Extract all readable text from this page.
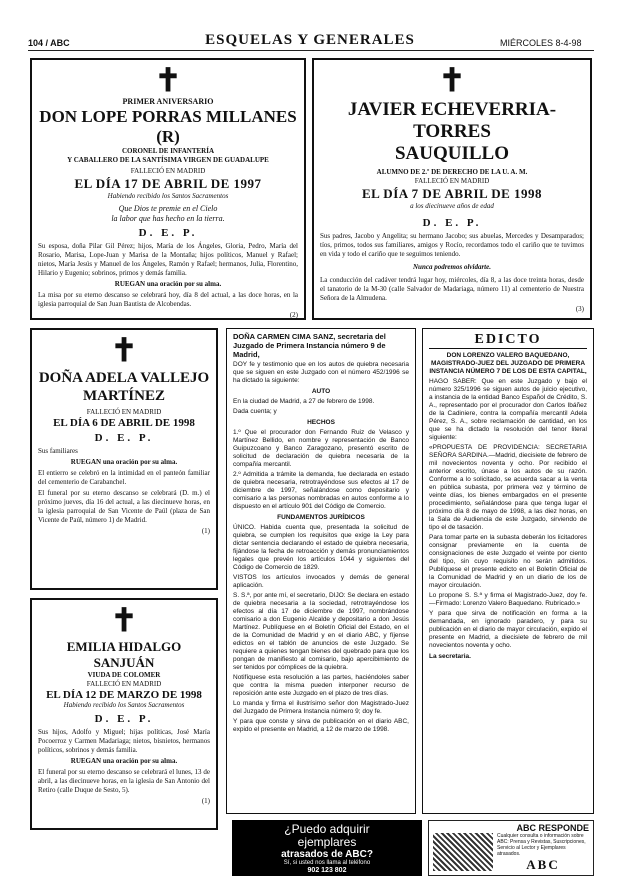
104 / ABC	ESQUELAS Y GENERALES	MIÉRCOLES 8-4-98
✝
PRIMER ANIVERSARIO
DON LOPE PORRAS MILLANES (R)
CORONEL DE INFANTERÍA
Y CABALLERO DE LA SANTÍSIMA VIRGEN DE GUADALUPE
FALLECIÓ EN MADRID
EL DÍA 17 DE ABRIL DE 1997
Habiendo recibido los Santos Sacramentos
Que Dios te premie en el Cielo
la labor que has hecho en la tierra.
D. E. P.

Su esposa, doña Pilar Gil Pérez; hijos, María de los Ángeles, Gloria, Pedro, María del Rosario, Marisa, Lope-Juan y Marisa de la Montaña; hijos políticos, Manuel y Rafael; nietos, María Jesús y Manuel de los Ángeles, Ramón y Rafael; hermanos, Julia, Florentino, Hilario y Eugenio; sobrinos, primos y demás familia.

RUEGAN una oración por su alma.

La misa por su eterno descanso se celebrará hoy, día 8 del actual, a las doce horas, en la iglesia parroquial de San Juan Bautista de Alcobendas.

(2)
✝
JAVIER ECHEVERRIA-TORRES
SAUQUILLO
ALUMNO DE 2.º DE DERECHO DE LA U. A. M.
FALLECIÓ EN MADRID
EL DÍA 7 DE ABRIL DE 1998
a los diecinueve años de edad
D. E. P.

Sus padres, Jacobo y Angelita; su hermano Jacobo; sus abuelas, Mercedes y Desamparados; tíos, primos, todos sus familiares, amigos y Rocío, recordamos todo el cariño que te tuvimos en vida y todo el cariño que te seguimos teniendo.

Nunca podremos olvidarte.

La conducción del cadáver tendrá lugar hoy, miércoles, día 8, a las doce treinta horas, desde el tanatorio de la M-30 (calle Salvador de Madariaga, número 11) al cementerio de Nuestra Señora de la Almudena.

(3)
✝
DOÑA ADELA VALLEJO
MARTÍNEZ
FALLECIÓ EN MADRID
EL DÍA 6 DE ABRIL DE 1998
D. E. P.

Sus familiares

RUEGAN una oración por su alma.

El entierro se celebró en la intimidad en el panteón familiar del cementerio de Carabanchel.

El funeral por su eterno descanso se celebrará (D. m.) el próximo jueves, día 16 del actual, a las diecinueve horas, en la iglesia parroquial de San Vicente de Paúl (plaza de San Vicente de Paúl, número 1) de Madrid.

(1)
✝
EMILIA HIDALGO SANJUÁN
VIUDA DE COLOMER
FALLECIÓ EN MADRID
EL DÍA 12 DE MARZO DE 1998
Habiendo recibido los Santos Sacramentos
D. E. P.

Sus hijos, Adolfo y Miguel; hijas políticas, José María Pocoerroz y Carmen Madariaga; nietos, bisnietos, hermanos políticos, sobrinos y demás familia.

RUEGAN una oración por su alma.

El funeral por su eterno descanso se celebrará el lunes, 13 de abril, a las diecinueve horas, en la iglesia de San Antonio del Retiro (calle Duque de Sesto, 5).

(1)

DOÑA CARMEN CIMA SANZ, secretaria del Juzgado de Primera Instancia número 9 de Madrid,

DOY fe y testimonio que en los autos de quiebra necesaria que se siguen en este Juzgado con el número 452/1996 se ha dictado la siguiente:

AUTO

En la ciudad de Madrid, a 27 de febrero de 1998.

Dada cuenta; y

HECHOS

1.º Que el procurador don Fernando Ruiz de Velasco y Martínez Bellido, en nombre y representación de Banco Guipuzcoano y Banco Zaragozano, presentó escrito de solicitud de declaración de quiebra necesaria de la compañía mercantil.

2.º Admitida a trámite la demanda, fue declarada en estado de quiebra necesaria, retrotrayéndose sus efectos al 17 de diciembre de 1997, señalándose como depositario y comisario a las personas nombradas en autos conforme a lo dispuesto en el artículo 901 del Código de Comercio.

FUNDAMENTOS JURÍDICOS

ÚNICO. Habida cuenta que, presentada la solicitud de quiebra, se cumplen los requisitos que exige la Ley para dictar sentencia declarando el estado de quiebra necesaria, fijándose la fecha de retroacción y demás pronunciamientos legales que prevén los artículos 1044 y siguientes del Código de Comercio de 1829.

VISTOS los artículos invocados y demás de general aplicación.

S. S.ª, por ante mí, el secretario, DIJO: Se declara en estado de quiebra necesaria a la sociedad, retrotrayéndose los efectos al día 17 de diciembre de 1997, nombrándose comisario a don Eugenio Alcalde y depositario a don Jesús Martínez. Publíquese en el Boletín Oficial del Estado, en el de la Comunidad de Madrid y en el diario ABC, y fíjense edictos en el tablón de anuncios de este Juzgado. Se requiere a quienes tengan bienes del quebrado para que los pongan de manifiesto al comisario, bajo apercibimiento de ser tenidos por cómplices de la quiebra.

Notifíquese esta resolución a las partes, haciéndoles saber que contra la misma pueden interponer recurso de reposición ante este Juzgado en el plazo de tres días.

Lo manda y firma el ilustrísimo señor don Magistrado-Juez del Juzgado de Primera Instancia número 9; doy fe.

Y para que conste y sirva de publicación en el diario ABC, expido el presente en Madrid, a 12 de marzo de 1998.

EDICTO

DON LORENZO VALERO BAQUEDANO, MAGISTRADO-JUEZ DEL JUZGADO DE PRIMERA INSTANCIA NÚMERO 7 DE LOS DE ESTA CAPITAL,

HAGO SABER: Que en este Juzgado y bajo el número 325/1996 se siguen autos de juicio ejecutivo, a instancia de la entidad Banco Español de Crédito, S. A., representado por el procurador don Carlos Ibáñez de la Cadiniere, contra la compañía mercantil Adela Pérez, S. A., sobre reclamación de cantidad, en los que se ha dictado la resolución del tenor literal siguiente:

«PROPUESTA DE PROVIDENCIA: SECRETARIA SEÑORA SARDINA.—Madrid, diecisiete de febrero de mil novecientos noventa y ocho. Por recibido el anterior escrito, únase a los autos de su razón. Conforme a lo solicitado, se acuerda sacar a la venta en pública subasta, por primera vez y término de veinte días, los bienes embargados en el presente procedimiento, señalándose para que tenga lugar el próximo día 8 de mayo de 1998, a las diez horas, en la Sala de Audiencia de este Juzgado, sirviendo de tipo el de tasación.

Para tomar parte en la subasta deberán los licitadores consignar previamente en la cuenta de consignaciones de este Juzgado el veinte por ciento del tipo, sin cuyo requisito no serán admitidos. Publíquese el presente edicto en el Boletín Oficial de la Comunidad de Madrid y en un diario de los de mayor circulación.

Lo propone S. S.ª y firma el Magistrado-Juez, doy fe.—Firmado: Lorenzo Valero Baquedano. Rubricado.»

Y para que sirva de notificación en forma a la demandada, en ignorado paradero, y para su publicación en el diario de mayor circulación, expido el presente en Madrid, a diecisiete de febrero de mil novecientos noventa y ocho.

La secretaria.

¿Puedo adquirir
ejemplares
atrasados de ABC?
Sí, si usted nos llama al teléfono
902 123 802
ABC RESPONDE
Cualquier consulta o información sobre ABC: Prensa y Revistas, Suscripciones, Servicio al Lector y Ejemplares atrasados.
ABC
